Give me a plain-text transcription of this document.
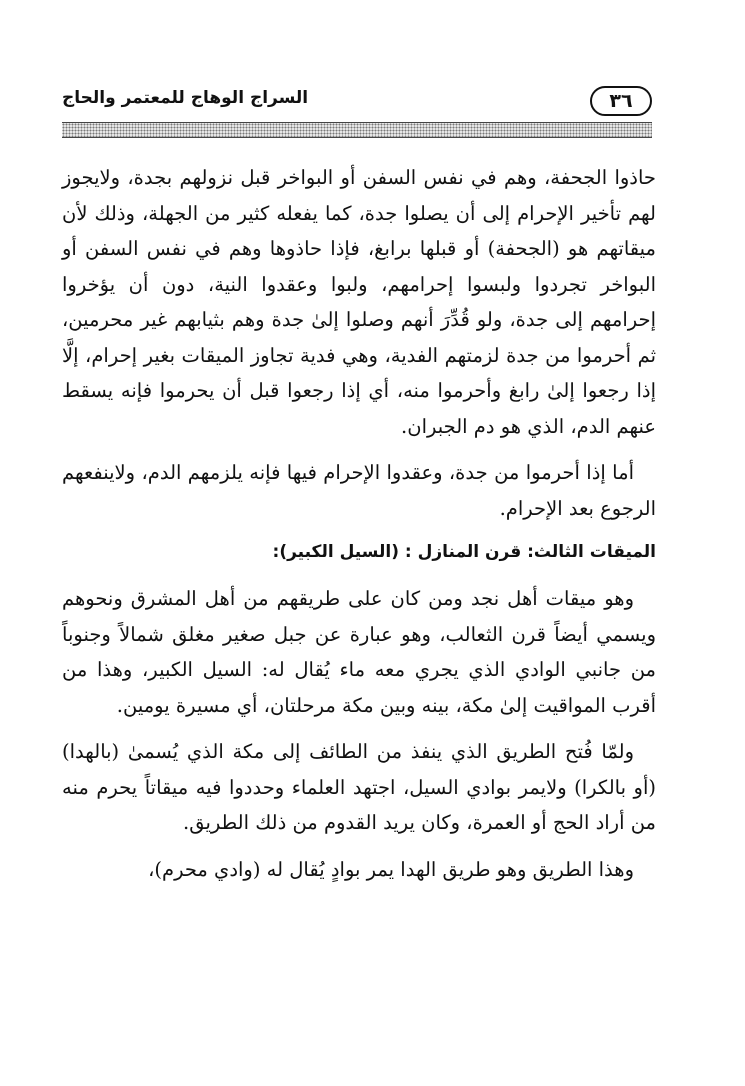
٣٦
السراج الوهاج للمعتمر والحاج

حاذوا الجحفة، وهم في نفس السفن أو البواخر قبل نزولهم بجدة، ولايجوز لهم تأخير الإحرام إلى أن يصلوا جدة، كما يفعله كثير من الجهلة، وذلك لأن ميقاتهم هو (الجحفة) أو قبلها برابغ، فإذا حاذوها وهم في نفس السفن أو البواخر تجردوا ولبسوا إحرامهم، ولبوا وعقدوا النية، دون أن يؤخروا إحرامهم إلى جدة، ولو قُدِّرَ أنهم وصلوا إلىٰ جدة وهم بثيابهم غير محرمين، ثم أحرموا من جدة لزمتهم الفدية، وهي فدية تجاوز الميقات بغير إحرام، إلَّا إذا رجعوا إلىٰ رابغ وأحرموا منه، أي إذا رجعوا قبل أن يحرموا فإنه يسقط عنهم الدم، الذي هو دم الجبران.

أما إذا أحرموا من جدة، وعقدوا الإحرام فيها فإنه يلزمهم الدم، ولاينفعهم الرجوع بعد الإحرام.

الميقات الثالث: قرن المنازل : (السيل الكبير):

وهو ميقات أهل نجد ومن كان على طريقهم من أهل المشرق ونحوهم ويسمي أيضاً قرن الثعالب، وهو عبارة عن جبل صغير مغلق شمالاً وجنوباً من جانبي الوادي الذي يجري معه ماء يُقال له: السيل الكبير، وهذا من أقرب المواقيت إلىٰ مكة، بينه وبين مكة مرحلتان، أي مسيرة يومين.

ولمّا فُتح الطريق الذي ينفذ من الطائف إلى مكة الذي يُسمىٰ (بالهدا) (أو بالكرا) ولايمر بوادي السيل، اجتهد العلماء وحددوا فيه ميقاتاً يحرم منه من أراد الحج أو العمرة، وكان يريد القدوم من ذلك الطريق.

وهذا الطريق وهو طريق الهدا يمر بوادٍ يُقال له (وادي محرم)،
